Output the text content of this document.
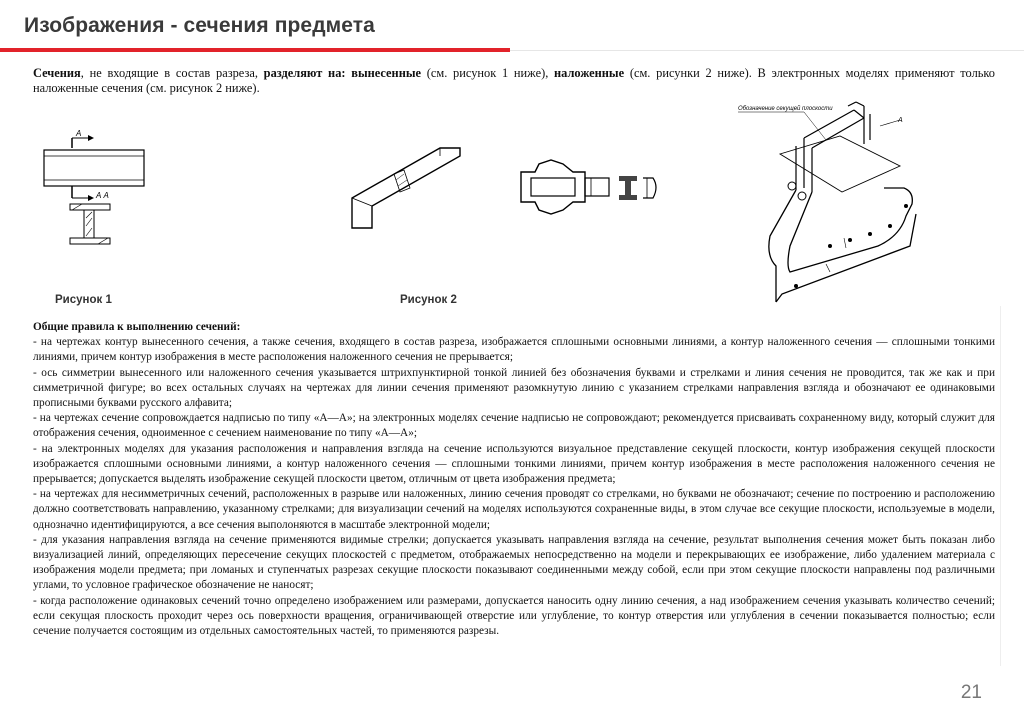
Изображения - сечения предмета
Сечения, не входящие в состав разреза, разделяют на: вынесенные (см. рисунок 1 ниже), наложенные (см. рисунки 2 ниже). В электронных моделях применяют только наложенные сечения (см. рисунок 2 ниже).
А
А А
Рисунок 1	Рисунок 2
Обозначение секущей плоскости
А

Общие правила к выполнению сечений:

- на чертежах контур вынесенного сечения, а также сечения, входящего в состав разреза, изображается сплошными основными линиями, а контур наложенного сечения — сплошными тонкими линиями, причем контур изображения в месте расположения наложенного сечения не прерывается;

- ось симметрии вынесенного или наложенного сечения указывается штрихпунктирной тонкой линией без обозначения буквами и стрелками и линия сечения не проводится, так же как и при симметричной фигуре; во всех остальных случаях на чертежах для линии сечения применяют разомкнутую линию с указанием стрелками направления взгляда и обозначают ее одинаковыми прописными буквами русского алфавита;

- на чертежах сечение сопровождается надписью по типу «А—А»; на электронных моделях сечение надписью не сопровождают; рекомендуется присваивать сохраненному виду, который служит для отображения сечения, одноименное с сечением наименование по типу «А—А»;

- на электронных моделях для указания расположения и направления взгляда на сечение используются визуальное представление секущей плоскости, контур изображения секущей плоскости изображается сплошными основными линиями, а контур наложенного сечения — сплошными тонкими линиями, причем контур изображения в месте расположения наложенного сечения не прерывается; допускается выделять изображение секущей плоскости цветом, отличным от цвета изображения предмета;

- на чертежах для несимметричных сечений, расположенных в разрыве или наложенных, линию сечения проводят со стрелками, но буквами не обозначают; сечение по построению и расположению должно соответствовать направлению, указанному стрелками; для визуализации сечений на моделях используются сохраненные виды, в этом случае все секущие плоскости, используемые в модели, однозначно идентифицируются, а все сечения выполоняются в масштабе электронной модели;

- для указания направления взгляда на сечение применяются видимые стрелки; допускается указывать направления взгляда на сечение, результат выполнения сечения может быть показан либо визуализацией линий, определяющих пересечение секущих плоскостей с предметом, отображаемых непосредственно на модели и перекрывающих ее изображение, либо удалением материала с изображения модели предмета; при ломаных и ступенчатых разрезах секущие плоскости показывают соединенными между собой, если при этом секущие плоскости направлены под различными углами, то условное графическое обозначение не наносят;

- когда расположение одинаковых сечений точно определено изображением или размерами, допускается наносить одну линию сечения, а над изображением сечения указывать количество сечений; если секущая плоскость проходит через ось поверхности вращения, ограничивающей отверстие или углубление, то контур отверстия или углубления в сечении показывается полностью; если сечение получается состоящим из отдельных самостоятельных частей, то применяются разрезы.

21
